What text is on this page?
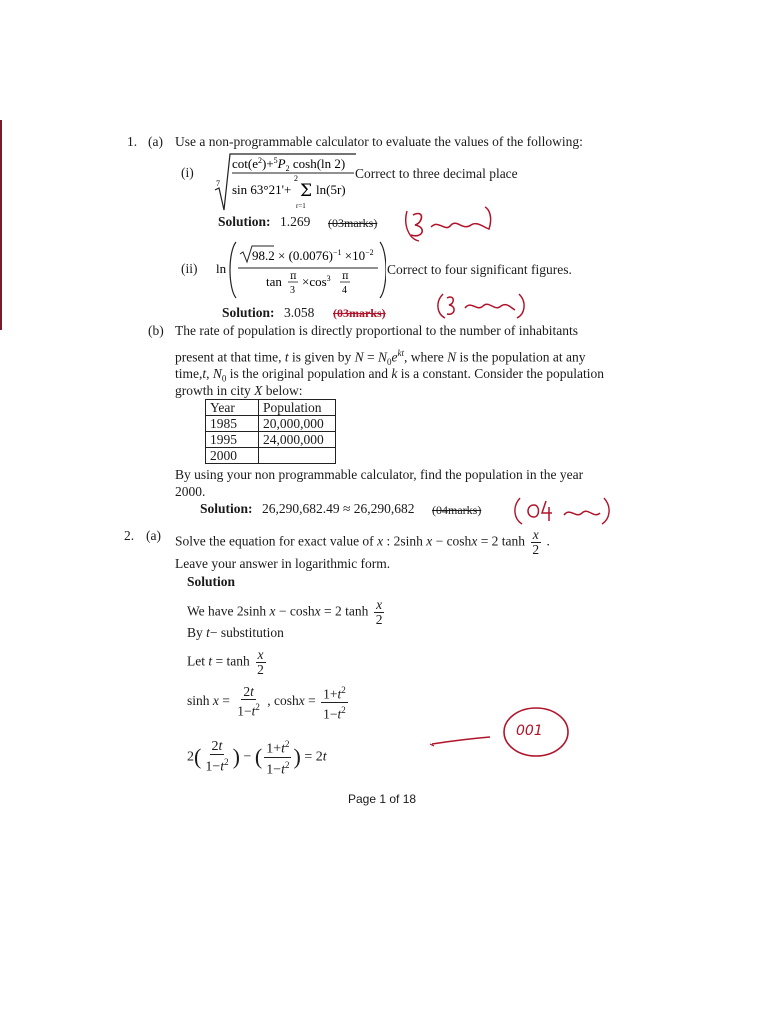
1. (a) Use a non-programmable calculator to evaluate the values of the following:
(i)
7
$\cot(e^2)+^5P_2$ cosh(ln 2)
2
sin 63°21'+ Σ ln(5r)
r=1
Correct to three decimal place
Solution: 1.269 (03marks)
(ii) ln
$98.2 \times (0.0076)^{-1} \times 10^{-2}$
tan π
3
$\times\cos^3$ π
4
Correct to four significant figures.
Solution: 3.058 (03marks)
(b) The rate of population is directly proportional to the number of inhabitants
present at that time, t is given by $N = N_0e^{kt}$, where N is the population at any
time,t, $N_0$ is the original population and k is a constant. Consider the population
growth in city X below:
Year	Population
1985	20,000,000
1995	24,000,000
2000	
By using your non programmable calculator, find the population in the year
2000.
Solution: 26,290,682.49 ≈ 26,290,682 (04marks)
2. (a) Solve the equation for exact value of x : 2sinh x − coshx = 2 $\tanh \frac{x}{2}$ .
Leave your answer in logarithmic form.
Solution
We have 2sinh x − coshx = 2 $\tanh \frac{x}{2}$
By t− substitution
Let $t = \tanh \frac{x}{2}$
$\sinh x = \frac{2t}{1-t^2}$ , $\cosh x = \frac{1+t^2}{1-t^2}$
$2( \frac{2t}{1-t^2}$ ) − ( $\frac{1+t^2}{1-t^2}$ ) = 2t
001
Page 1 of 18
